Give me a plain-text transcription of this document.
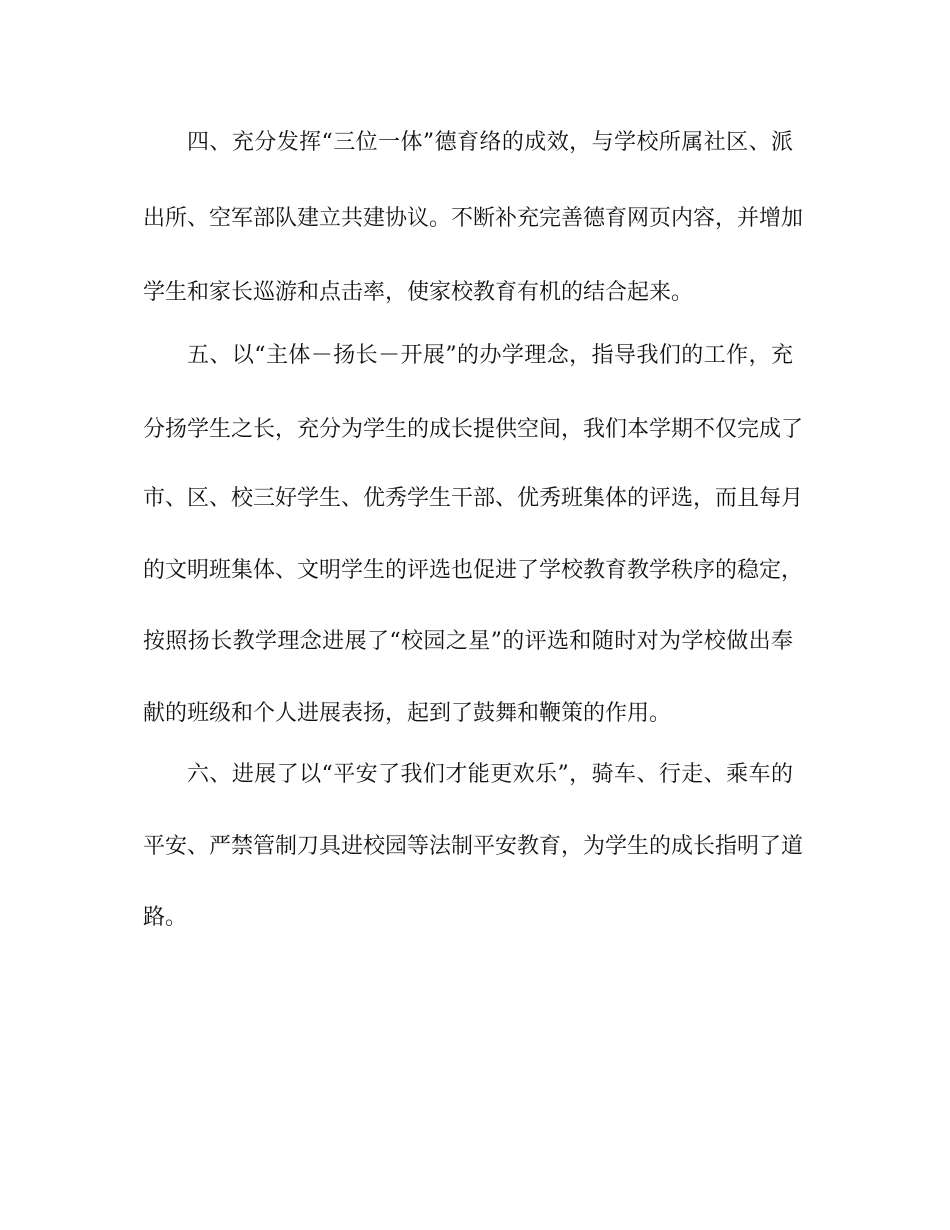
四、充分发挥“三位一体”德育络的成效，与学校所属社区、派
出所、空军部队建立共建协议。不断补充完善德育网页内容，并增加
学生和家长巡游和点击率，使家校教育有机的结合起来。
五、以“主体－扬长－开展”的办学理念，指导我们的工作，充
分扬学生之长，充分为学生的成长提供空间，我们本学期不仅完成了
市、区、校三好学生、优秀学生干部、优秀班集体的评选，而且每月
的文明班集体、文明学生的评选也促进了学校教育教学秩序的稳定，
按照扬长教学理念进展了“校园之星”的评选和随时对为学校做出奉
献的班级和个人进展表扬，起到了鼓舞和鞭策的作用。
六、进展了以“平安了我们才能更欢乐”，骑车、行走、乘车的
平安、严禁管制刀具进校园等法制平安教育，为学生的成长指明了道
路。
